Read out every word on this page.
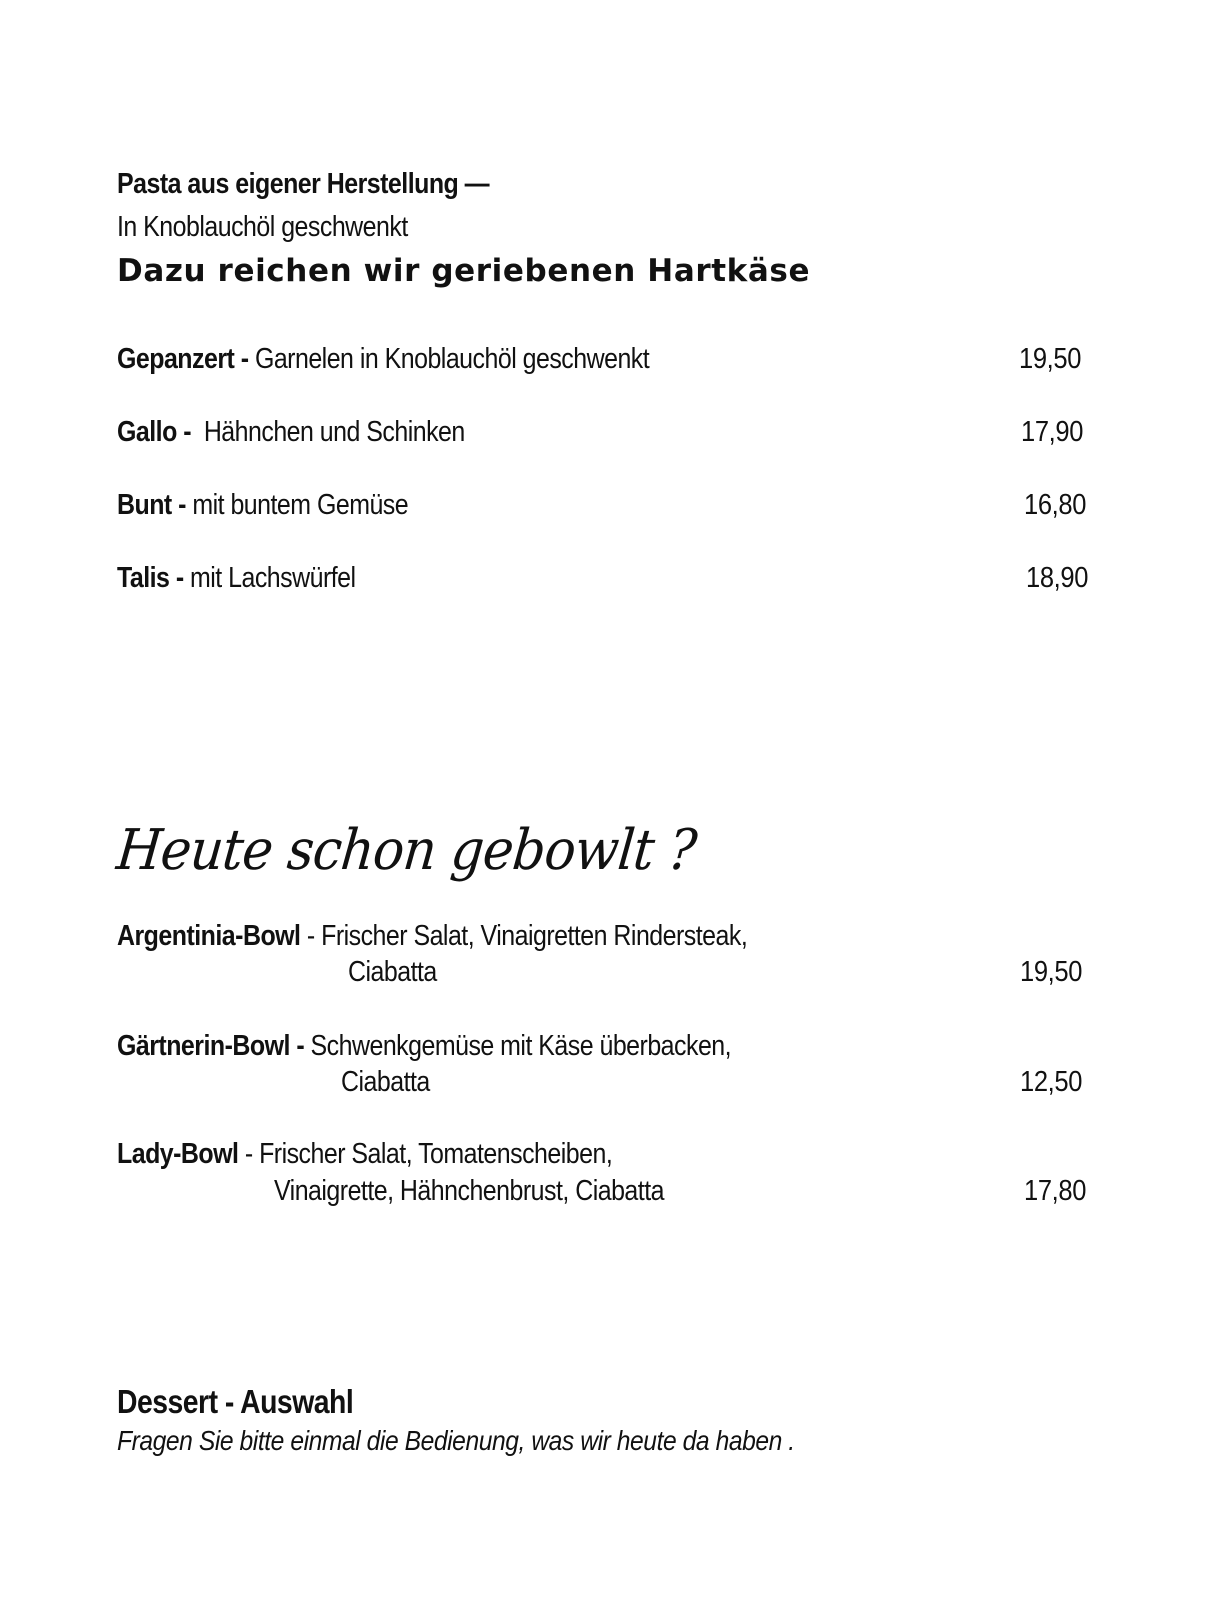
Pasta aus eigener Herstellung —
In Knoblauchöl geschwenkt
Dazu reichen wir geriebenen Hartkäse
Gepanzert - Garnelen in Knoblauchöl geschwenkt	19,50
Gallo -  Hähnchen und Schinken	17,90
Bunt - mit buntem Gemüse	16,80
Talis - mit Lachswürfel	18,90
Heute schon gebowlt ?
Argentinia-Bowl - Frischer Salat, Vinaigretten Rindersteak,
Ciabatta	19,50
Gärtnerin-Bowl - Schwenkgemüse mit Käse überbacken,
Ciabatta	12,50
Lady-Bowl - Frischer Salat, Tomatenscheiben,
Vinaigrette, Hähnchenbrust, Ciabatta	17,80
Dessert - Auswahl
Fragen Sie bitte einmal die Bedienung, was wir heute da haben .
